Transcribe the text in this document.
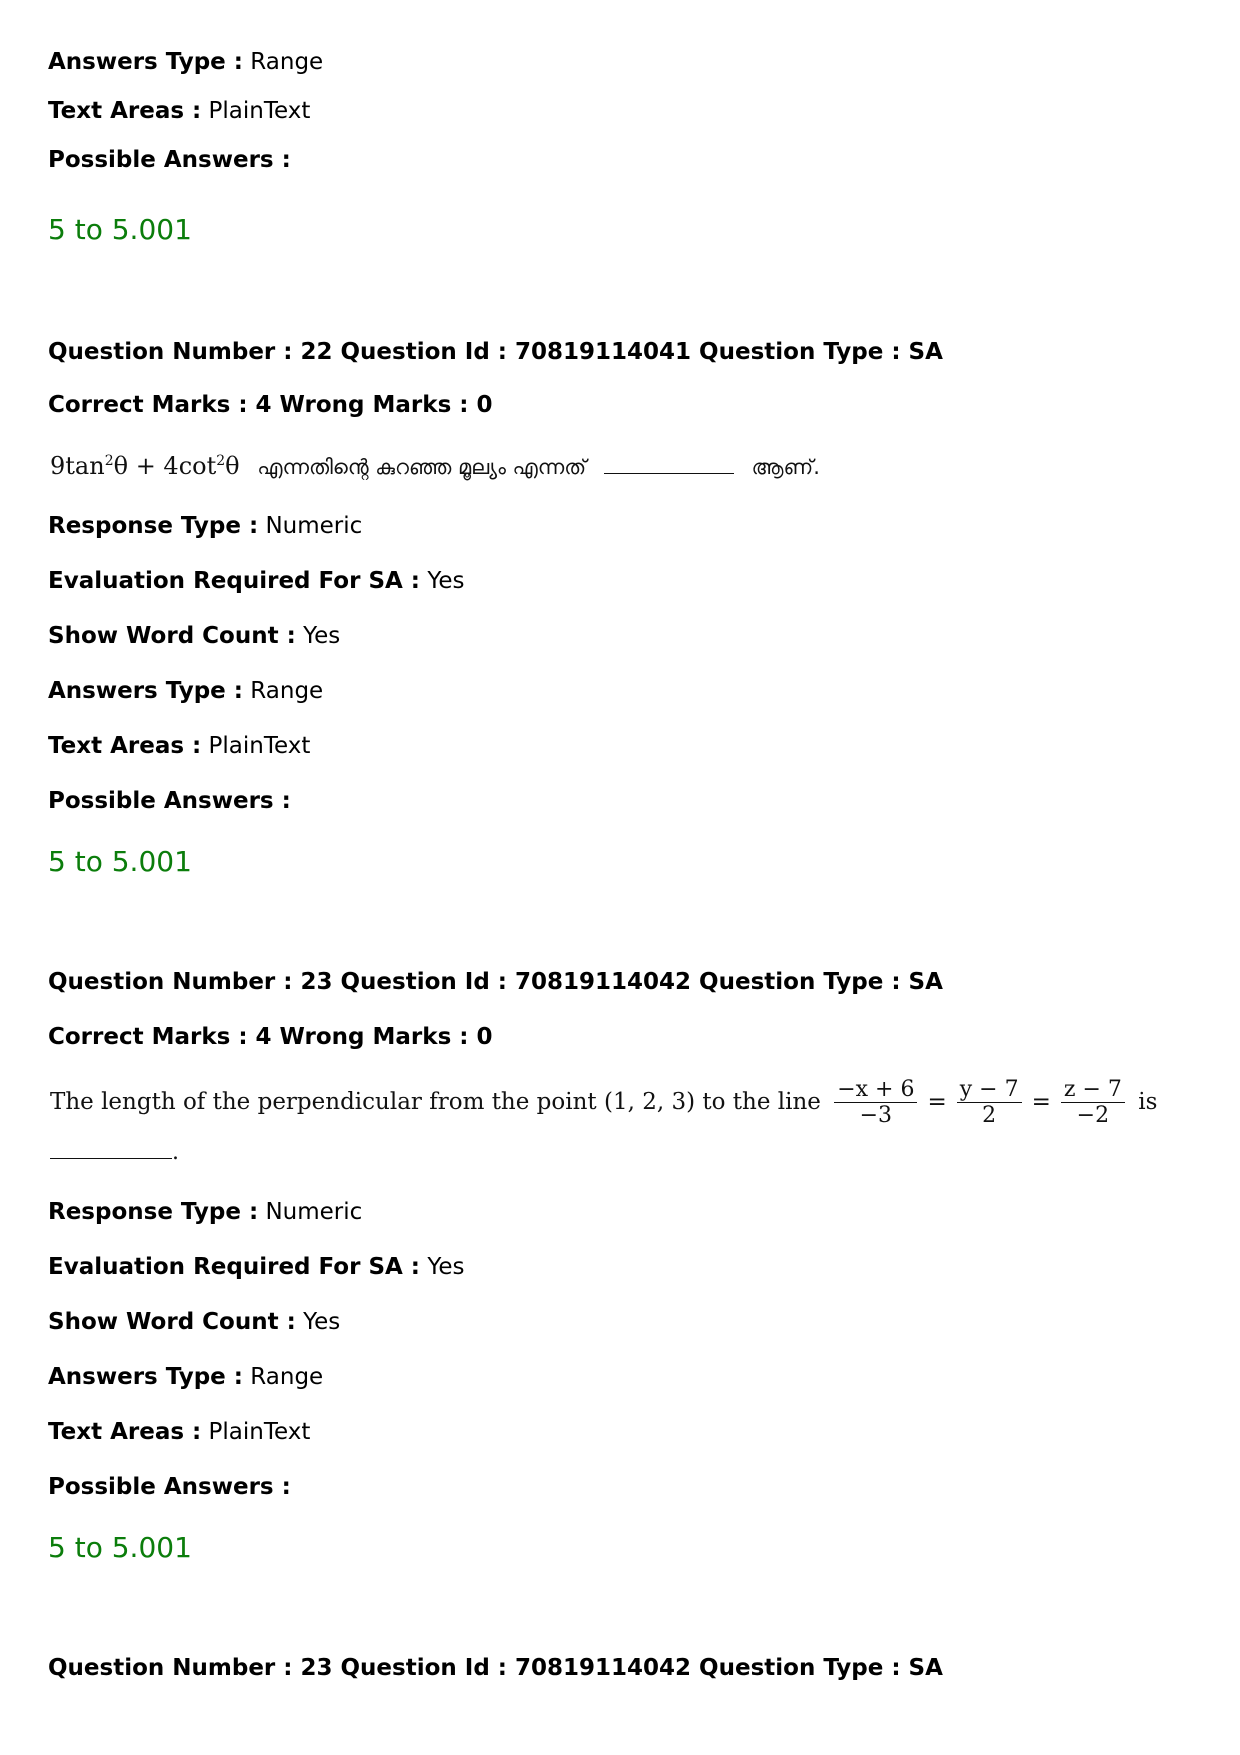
Answers Type : Range
Text Areas : PlainText
Possible Answers :
5 to 5.001
Question Number : 22 Question Id : 70819114041 Question Type : SA
Correct Marks : 4 Wrong Marks : 0
$9\tan^2\theta + 4\cot^2\theta$ എന്നതിന്റെ കുറഞ്ഞ മൂല്യം എന്നത്	ആണ്.
Response Type : Numeric
Evaluation Required For SA : Yes
Show Word Count : Yes
Answers Type : Range
Text Areas : PlainText
Possible Answers :
5 to 5.001
Question Number : 23 Question Id : 70819114042 Question Type : SA
Correct Marks : 4 Wrong Marks : 0
The length of the perpendicular from the point (1, 2, 3) to the line $\frac{-x + 6}{-3} = \frac{y - 7}{2} = \frac{z - 7}{-2}$ is
.
Response Type : Numeric
Evaluation Required For SA : Yes
Show Word Count : Yes
Answers Type : Range
Text Areas : PlainText
Possible Answers :
5 to 5.001
Question Number : 23 Question Id : 70819114042 Question Type : SA
